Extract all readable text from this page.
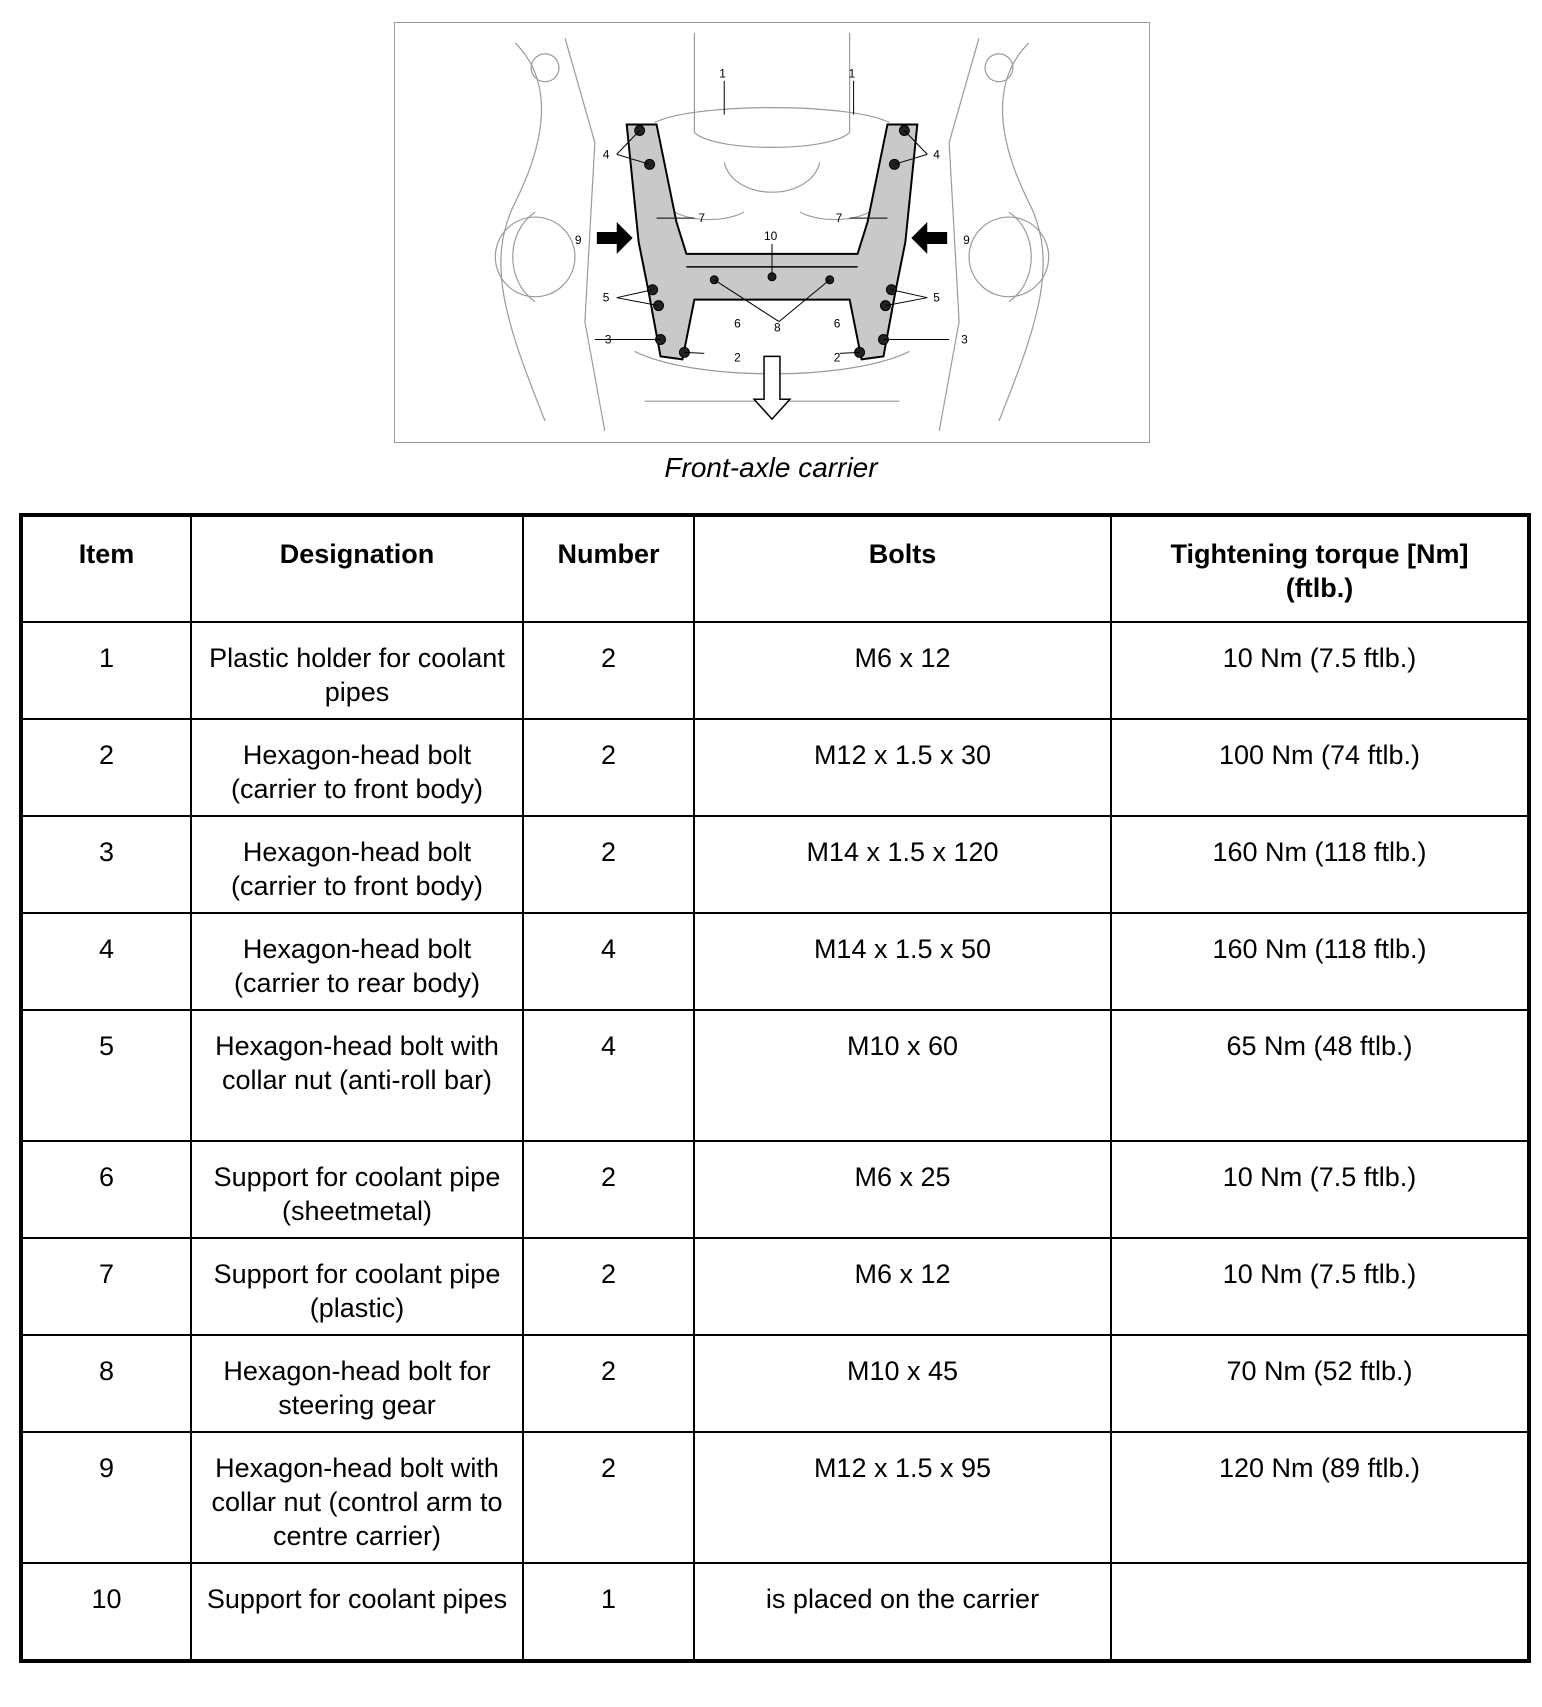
1	1
4	4
7	7
10
9	9
5	5
6	8	6
3	3
2	2
Front-axle carrier
Item	Designation	Number	Bolts	Tightening torque [Nm]
(ftlb.)
1	Plastic holder for coolant pipes	2	M6 x 12	10 Nm (7.5 ftlb.)
2	Hexagon-head bolt (carrier to front body)	2	M12 x 1.5 x 30	100 Nm (74 ftlb.)
3	Hexagon-head bolt (carrier to front body)	2	M14 x 1.5 x 120	160 Nm (118 ftlb.)
4	Hexagon-head bolt (carrier to rear body)	4	M14 x 1.5 x 50	160 Nm (118 ftlb.)
5	Hexagon-head bolt with collar nut (anti-roll bar)	4	M10 x 60	65 Nm (48 ftlb.)
6	Support for coolant pipe (sheetmetal)	2	M6 x 25	10 Nm (7.5 ftlb.)
7	Support for coolant pipe (plastic)	2	M6 x 12	10 Nm (7.5 ftlb.)
8	Hexagon-head bolt for steering gear	2	M10 x 45	70 Nm (52 ftlb.)
9	Hexagon-head bolt with collar nut (control arm to centre carrier)	2	M12 x 1.5 x 95	120 Nm (89 ftlb.)
10	Support for coolant pipes	1	is placed on the carrier	
